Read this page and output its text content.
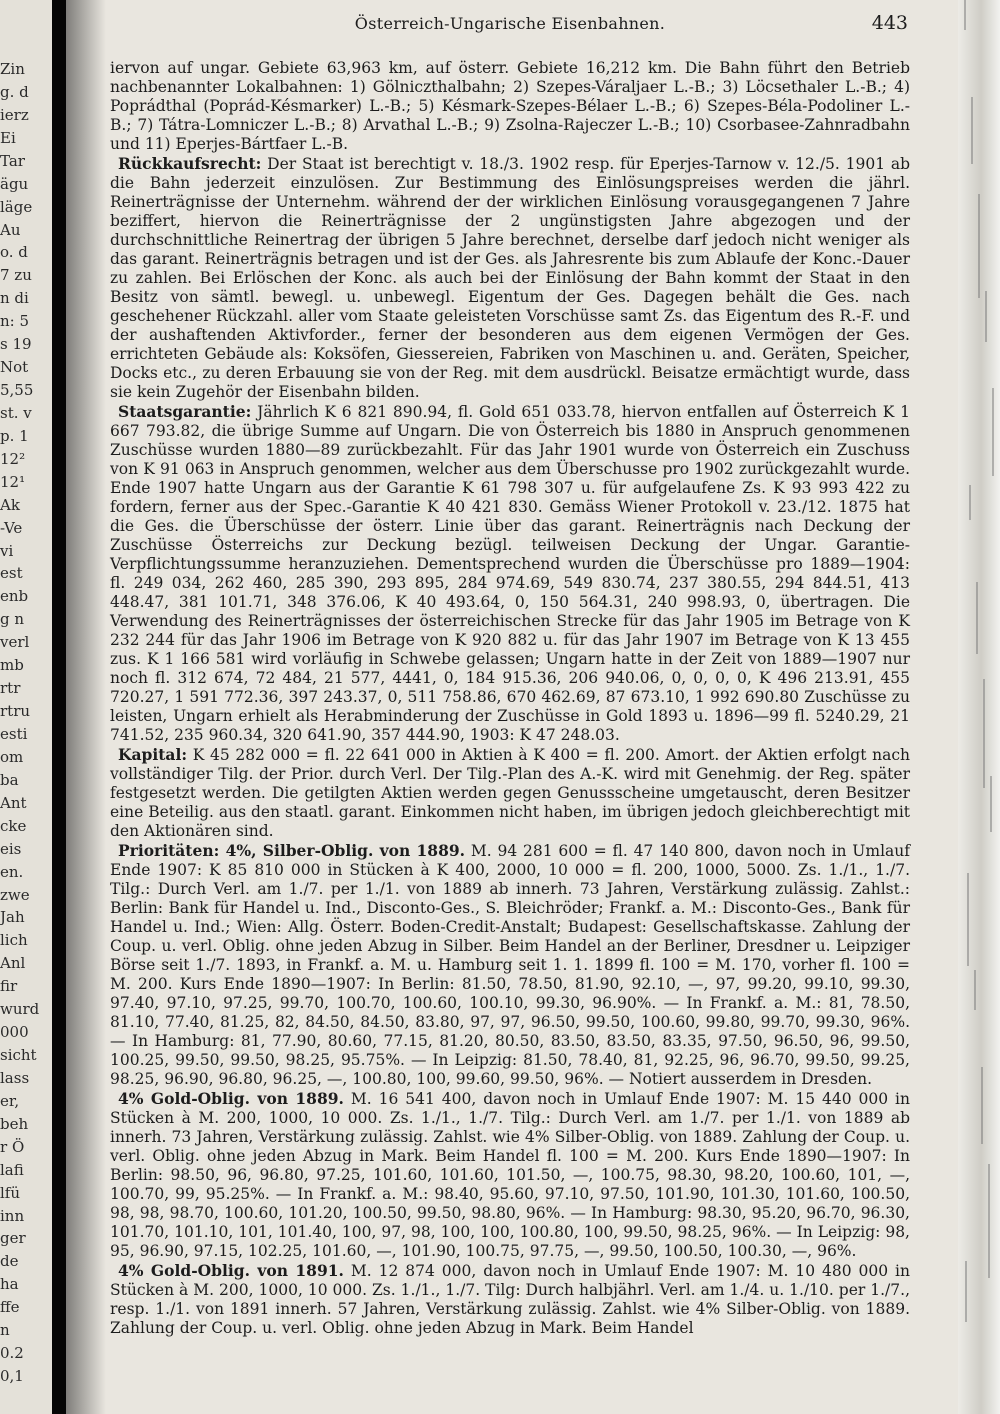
Zin
g. d
ierz
Ei
Tar
ägu
läge
Au
o. d
7 zu
n di
n: 5
s 19
Not
5,55
st. v
p. 1
12²
12¹
Ak
-Ve
vi
est
enb
g n
verl
mb
rtr
rtru
esti
om
ba
Ant
cke
eis
en.
zwe
Jah
lich
Anl
fir
wurd
000
sicht
lass
er,
beh
r Ö
lafi
lfü
inn
ger
de
ha
ffe
n
0.2
0,1
Österreich-Ungarische Eisenbahnen.	443

iervon auf ungar. Gebiete 63,963 km, auf österr. Gebiete 16,212 km. Die Bahn führt den Betrieb nachbenannter Lokalbahnen: 1) Gölniczthalbahn; 2) Szepes-Váraljaer L.-B.; 3) Löcsethaler L.-B.; 4) Poprádthal (Poprád-Késmarker) L.-B.; 5) Késmark-Szepes-Bélaer L.-B.; 6) Szepes-Béla-Podoliner L.-B.; 7) Tátra-Lomniczer L.-B.; 8) Arvathal L.-B.; 9) Zsolna-Rajeczer L.-B.; 10) Csorbasee-Zahnradbahn und 11) Eperjes-Bártfaer L.-B.

Rückkaufsrecht: Der Staat ist berechtigt v. 18./3. 1902 resp. für Eperjes-Tarnow v. 12./5. 1901 ab die Bahn jederzeit einzulösen. Zur Bestimmung des Einlösungspreises werden die jährl. Reinerträgnisse der Unternehm. während der der wirklichen Einlösung vorausgegangenen 7 Jahre beziffert, hiervon die Reinerträgnisse der 2 ungünstigsten Jahre abgezogen und der durchschnittliche Reinertrag der übrigen 5 Jahre berechnet, derselbe darf jedoch nicht weniger als das garant. Reinerträgnis betragen und ist der Ges. als Jahresrente bis zum Ablaufe der Konc.-Dauer zu zahlen. Bei Erlöschen der Konc. als auch bei der Einlösung der Bahn kommt der Staat in den Besitz von sämtl. bewegl. u. unbewegl. Eigentum der Ges. Dagegen behält die Ges. nach geschehener Rückzahl. aller vom Staate geleisteten Vorschüsse samt Zs. das Eigentum des R.-F. und der aushaftenden Aktivforder., ferner der besonderen aus dem eigenen Vermögen der Ges. errichteten Gebäude als: Koksöfen, Giessereien, Fabriken von Maschinen u. and. Geräten, Speicher, Docks etc., zu deren Erbauung sie von der Reg. mit dem ausdrückl. Beisatze ermächtigt wurde, dass sie kein Zugehör der Eisenbahn bilden.

Staatsgarantie: Jährlich K 6 821 890.94, fl. Gold 651 033.78, hiervon entfallen auf Österreich K 1 667 793.82, die übrige Summe auf Ungarn. Die von Österreich bis 1880 in Anspruch genommenen Zuschüsse wurden 1880—89 zurückbezahlt. Für das Jahr 1901 wurde von Österreich ein Zuschuss von K 91 063 in Anspruch genommen, welcher aus dem Überschusse pro 1902 zurückgezahlt wurde. Ende 1907 hatte Ungarn aus der Garantie K 61 798 307 u. für aufgelaufene Zs. K 93 993 422 zu fordern, ferner aus der Spec.-Garantie K 40 421 830. Gemäss Wiener Protokoll v. 23./12. 1875 hat die Ges. die Überschüsse der österr. Linie über das garant. Reinerträgnis nach Deckung der Zuschüsse Österreichs zur Deckung bezügl. teilweisen Deckung der Ungar. Garantie-Verpflichtungssumme heranzuziehen. Dementsprechend wurden die Überschüsse pro 1889—1904: fl. 249 034, 262 460, 285 390, 293 895, 284 974.69, 549 830.74, 237 380.55, 294 844.51, 413 448.47, 381 101.71, 348 376.06, K 40 493.64, 0, 150 564.31, 240 998.93, 0, übertragen. Die Verwendung des Reinerträgnisses der österreichischen Strecke für das Jahr 1905 im Betrage von K 232 244 für das Jahr 1906 im Betrage von K 920 882 u. für das Jahr 1907 im Betrage von K 13 455 zus. K 1 166 581 wird vorläufig in Schwebe gelassen; Ungarn hatte in der Zeit von 1889—1907 nur noch fl. 312 674, 72 484, 21 577, 4441, 0, 184 915.36, 206 940.06, 0, 0, 0, 0, K 496 213.91, 455 720.27, 1 591 772.36, 397 243.37, 0, 511 758.86, 670 462.69, 87 673.10, 1 992 690.80 Zuschüsse zu leisten, Ungarn erhielt als Herabminderung der Zuschüsse in Gold 1893 u. 1896—99 fl. 5240.29, 21 741.52, 235 960.34, 320 641.90, 357 444.90, 1903: K 47 248.03.

Kapital: K 45 282 000 = fl. 22 641 000 in Aktien à K 400 = fl. 200. Amort. der Aktien erfolgt nach vollständiger Tilg. der Prior. durch Verl. Der Tilg.-Plan des A.-K. wird mit Genehmig. der Reg. später festgesetzt werden. Die getilgten Aktien werden gegen Genussscheine umgetauscht, deren Besitzer eine Beteilig. aus den staatl. garant. Einkommen nicht haben, im übrigen jedoch gleichberechtigt mit den Aktionären sind.

Prioritäten: 4%, Silber-Oblig. von 1889. M. 94 281 600 = fl. 47 140 800, davon noch in Umlauf Ende 1907: K 85 810 000 in Stücken à K 400, 2000, 10 000 = fl. 200, 1000, 5000. Zs. 1./1., 1./7. Tilg.: Durch Verl. am 1./7. per 1./1. von 1889 ab innerh. 73 Jahren, Verstärkung zulässig. Zahlst.: Berlin: Bank für Handel u. Ind., Disconto-Ges., S. Bleichröder; Frankf. a. M.: Disconto-Ges., Bank für Handel u. Ind.; Wien: Allg. Österr. Boden-Credit-Anstalt; Budapest: Gesellschaftskasse. Zahlung der Coup. u. verl. Oblig. ohne jeden Abzug in Silber. Beim Handel an der Berliner, Dresdner u. Leipziger Börse seit 1./7. 1893, in Frankf. a. M. u. Hamburg seit 1. 1. 1899 fl. 100 = M. 170, vorher fl. 100 = M. 200. Kurs Ende 1890—1907: In Berlin: 81.50, 78.50, 81.90, 92.10, —, 97, 99.20, 99.10, 99.30, 97.40, 97.10, 97.25, 99.70, 100.70, 100.60, 100.10, 99.30, 96.90%. — In Frankf. a. M.: 81, 78.50, 81.10, 77.40, 81.25, 82, 84.50, 84.50, 83.80, 97, 97, 96.50, 99.50, 100.60, 99.80, 99.70, 99.30, 96%. — In Hamburg: 81, 77.90, 80.60, 77.15, 81.20, 80.50, 83.50, 83.50, 83.35, 97.50, 96.50, 96, 99.50, 100.25, 99.50, 99.50, 98.25, 95.75%. — In Leipzig: 81.50, 78.40, 81, 92.25, 96, 96.70, 99.50, 99.25, 98.25, 96.90, 96.80, 96.25, —, 100.80, 100, 99.60, 99.50, 96%. — Notiert ausserdem in Dresden.

4% Gold-Oblig. von 1889. M. 16 541 400, davon noch in Umlauf Ende 1907: M. 15 440 000 in Stücken à M. 200, 1000, 10 000. Zs. 1./1., 1./7. Tilg.: Durch Verl. am 1./7. per 1./1. von 1889 ab innerh. 73 Jahren, Verstärkung zulässig. Zahlst. wie 4% Silber-Oblig. von 1889. Zahlung der Coup. u. verl. Oblig. ohne jeden Abzug in Mark. Beim Handel fl. 100 = M. 200. Kurs Ende 1890—1907: In Berlin: 98.50, 96, 96.80, 97.25, 101.60, 101.60, 101.50, —, 100.75, 98.30, 98.20, 100.60, 101, —, 100.70, 99, 95.25%. — In Frankf. a. M.: 98.40, 95.60, 97.10, 97.50, 101.90, 101.30, 101.60, 100.50, 98, 98, 98.70, 100.60, 101.20, 100.50, 99.50, 98.80, 96%. — In Hamburg: 98.30, 95.20, 96.70, 96.30, 101.70, 101.10, 101, 101.40, 100, 97, 98, 100, 100, 100.80, 100, 99.50, 98.25, 96%. — In Leipzig: 98, 95, 96.90, 97.15, 102.25, 101.60, —, 101.90, 100.75, 97.75, —, 99.50, 100.50, 100.30, —, 96%.

4% Gold-Oblig. von 1891. M. 12 874 000, davon noch in Umlauf Ende 1907: M. 10 480 000 in Stücken à M. 200, 1000, 10 000. Zs. 1./1., 1./7. Tilg: Durch halbjährl. Verl. am 1./4. u. 1./10. per 1./7., resp. 1./1. von 1891 innerh. 57 Jahren, Verstärkung zulässig. Zahlst. wie 4% Silber-Oblig. von 1889. Zahlung der Coup. u. verl. Oblig. ohne jeden Abzug in Mark. Beim Handel
